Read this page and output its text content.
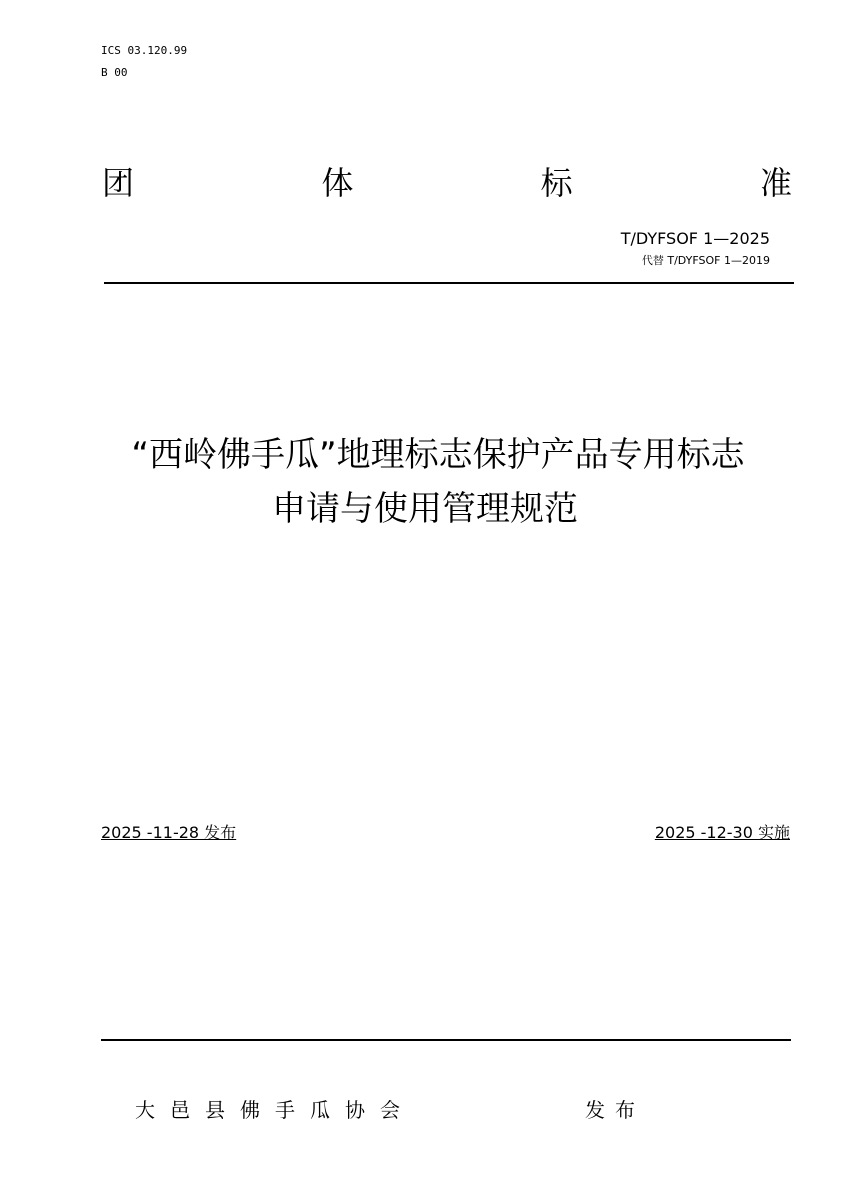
ICS 03.120.99
B 00
团	体	标	准
T/DYFSOF 1—2025
代替 T/DYFSOF 1—2019
“西岭佛手瓜”地理标志保护产品专用标志
申请与使用管理规范
2025 -11-28 发布	2025 -12-30 实施
大邑县佛手瓜协会	发布
